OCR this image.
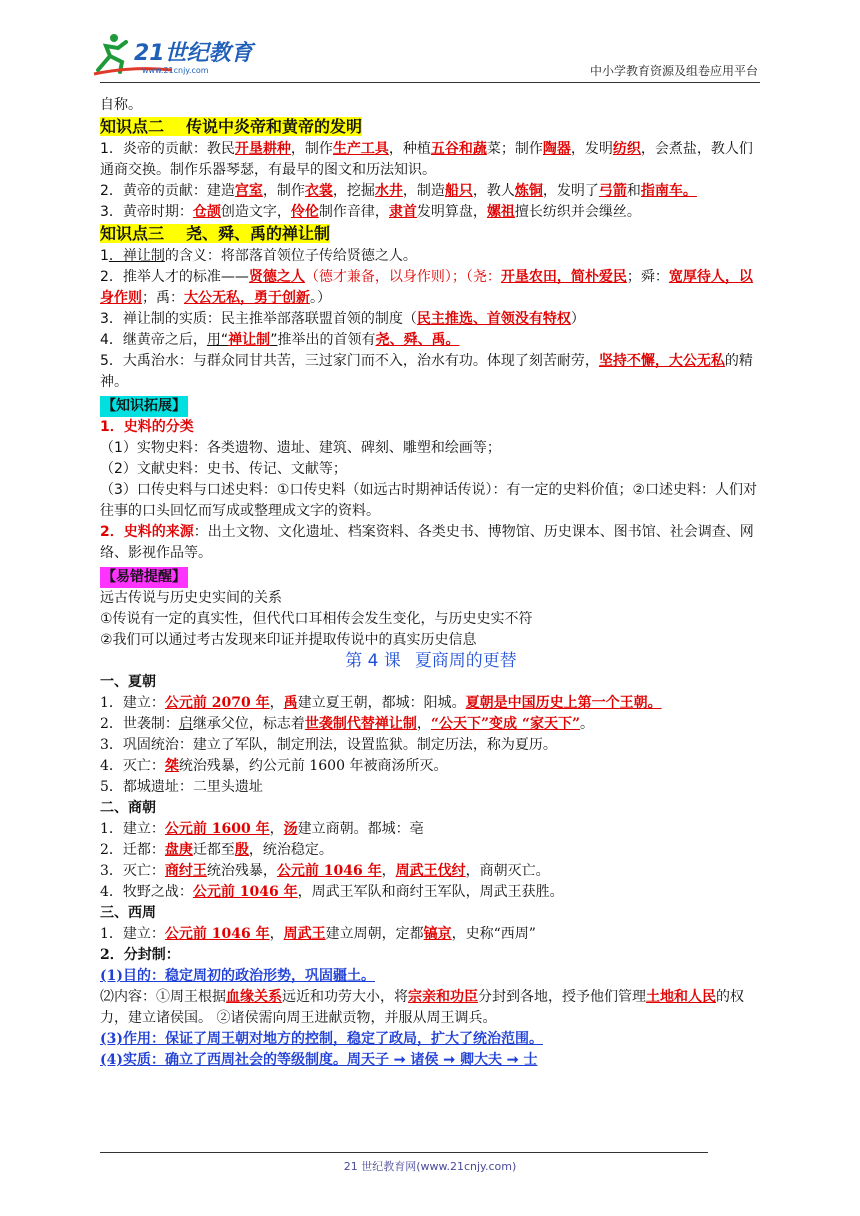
21世纪教育
www.21cnjy.com	中小学教育资源及组卷应用平台

自称。

知识点二 传说中炎帝和黄帝的发明

1．炎帝的贡献：教民开垦耕种，制作生产工具，种植五谷和蔬菜；制作陶器，发明纺织，会煮盐，教人们通商交换。制作乐器琴瑟，有最早的图文和历法知识。

2．黄帝的贡献：建造宫室，制作衣裳，挖掘水井，制造船只，教人炼铜，发明了弓箭和指南车。

3．黄帝时期：仓颉创造文字，伶伦制作音律，隶首发明算盘，嫘祖擅长纺织并会缫丝。

知识点三 尧、舜、禹的禅让制

1．禅让制的含义：将部落首领位子传给贤德之人。

2．推举人才的标准——贤德之人（德才兼备，以身作则）；（尧：开垦农田，简朴爱民；舜：宽厚待人，以身作则；禹：大公无私，勇于创新。）

3．禅让制的实质：民主推举部落联盟首领的制度（民主推选、首领没有特权）

4．继黄帝之后，用“禅让制”推举出的首领有尧、舜、禹。

5．大禹治水：与群众同甘共苦，三过家门而不入，治水有功。体现了刻苦耐劳，坚持不懈，大公无私的精神。

【知识拓展】

1．史料的分类

（1）实物史料：各类遗物、遗址、建筑、碑刻、雕塑和绘画等；

（2）文献史料：史书、传记、文献等；

（3）口传史料与口述史料：①口传史料（如远古时期神话传说）：有一定的史料价值；②口述史料：人们对往事的口头回忆而写成或整理成文字的资料。

2．史料的来源：出土文物、文化遗址、档案资料、各类史书、博物馆、历史课本、图书馆、社会调查、网络、影视作品等。

【易错提醒】

远古传说与历史史实间的关系

①传说有一定的真实性，但代代口耳相传会发生变化，与历史史实不符

②我们可以通过考古发现来印证并提取传说中的真实历史信息

第 4 课 夏商周的更替

一、夏朝

1．建立：公元前 2070 年，禹建立夏王朝，都城：阳城。夏朝是中国历史上第一个王朝。

2．世袭制：启继承父位，标志着世袭制代替禅让制，“公天下”变成 “家天下”。

3．巩固统治：建立了军队，制定刑法，设置监狱。制定历法，称为夏历。

4．灭亡：桀统治残暴，约公元前 1600 年被商汤所灭。

5．都城遗址：二里头遗址

二、商朝

1．建立：公元前 1600 年，汤建立商朝。都城：亳

2．迁都：盘庚迁都至殷，统治稳定。

3．灭亡：商纣王统治残暴，公元前 1046 年，周武王伐纣，商朝灭亡。

4．牧野之战：公元前 1046 年，周武王军队和商纣王军队，周武王获胜。

三、西周

1．建立：公元前 1046 年，周武王建立周朝，定都镐京，史称“西周”

2．分封制：

(1)目的：稳定周初的政治形势，巩固疆土。

⑵内容：①周王根据血缘关系远近和功劳大小，将宗亲和功臣分封到各地，授予他们管理土地和人民的权力，建立诸侯国。 ②诸侯需向周王进献贡物，并服从周王调兵。

(3)作用：保证了周王朝对地方的控制，稳定了政局，扩大了统治范围。

(4)实质：确立了西周社会的等级制度。周天子 ➞ 诸侯 ➞ 卿大夫 ➞ 士

21 世纪教育网(www.21cnjy.com)
